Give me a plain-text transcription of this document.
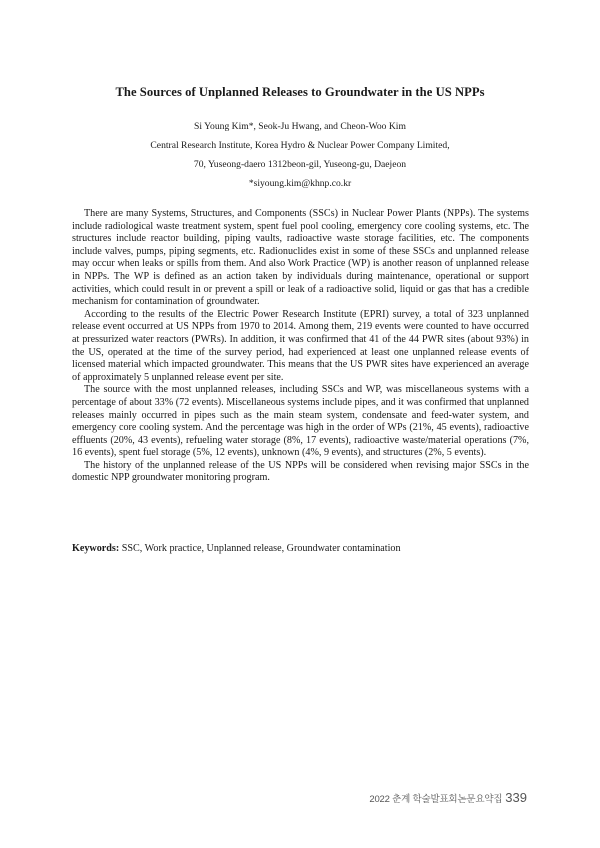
The Sources of Unplanned Releases to Groundwater in the US NPPs
Si Young Kim*, Seok-Ju Hwang, and Cheon-Woo Kim
Central Research Institute, Korea Hydro & Nuclear Power Company Limited,
70, Yuseong-daero 1312beon-gil, Yuseong-gu, Daejeon
*siyoung.kim@khnp.co.kr

There are many Systems, Structures, and Components (SSCs) in Nuclear Power Plants (NPPs). The systems include radiological waste treatment system, spent fuel pool cooling, emergency core cooling systems, etc. The structures include reactor building, piping vaults, radioactive waste storage facilities, etc. The components include valves, pumps, piping segments, etc. Radionuclides exist in some of these SSCs and unplanned release may occur when leaks or spills from them. And also Work Practice (WP) is another reason of unplanned release in NPPs. The WP is defined as an action taken by individuals during maintenance, operational or support activities, which could result in or prevent a spill or leak of a radioactive solid, liquid or gas that has a credible mechanism for contamination of groundwater.

According to the results of the Electric Power Research Institute (EPRI) survey, a total of 323 unplanned release event occurred at US NPPs from 1970 to 2014. Among them, 219 events were counted to have occurred at pressurized water reactors (PWRs). In addition, it was confirmed that 41 of the 44 PWR sites (about 93%) in the US, operated at the time of the survey period, had experienced at least one unplanned release events of licensed material which impacted groundwater. This means that the US PWR sites have experienced an average of approximately 5 unplanned release event per site.

The source with the most unplanned releases, including SSCs and WP, was miscellaneous systems with a percentage of about 33% (72 events). Miscellaneous systems include pipes, and it was confirmed that unplanned releases mainly occurred in pipes such as the main steam system, condensate and feed-water system, and emergency core cooling system. And the percentage was high in the order of WPs (21%, 45 events), radioactive effluents (20%, 43 events), refueling water storage (8%, 17 events), radioactive waste/material operations (7%, 16 events), spent fuel storage (5%, 12 events), unknown (4%, 9 events), and structures (2%, 5 events).

The history of the unplanned release of the US NPPs will be considered when revising major SSCs in the domestic NPP groundwater monitoring program.

Keywords: SSC, Work practice, Unplanned release, Groundwater contamination
2022 춘계 학술발표회논문요약집 339
